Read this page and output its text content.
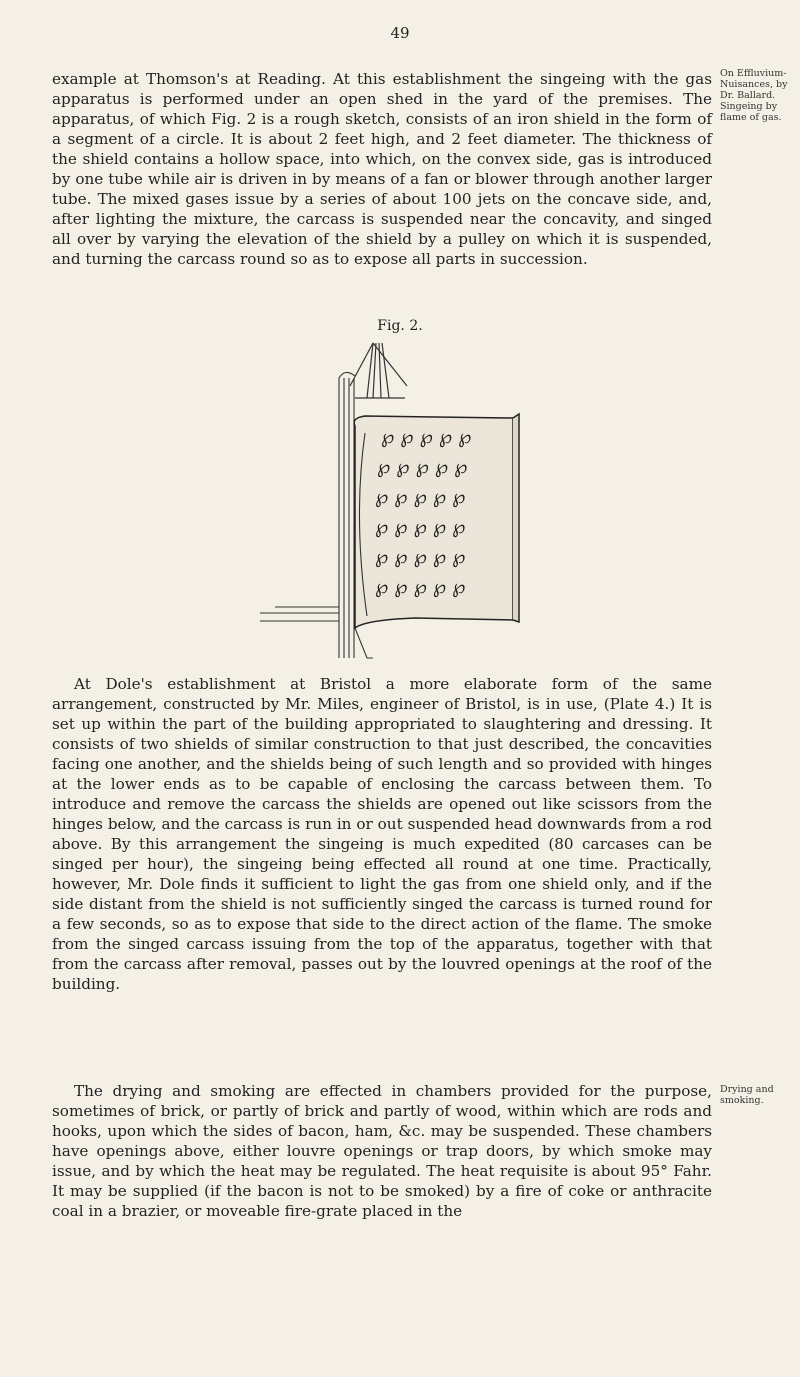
49

example at Thomson's at Reading. At this establishment the singeing with the gas apparatus is performed under an open shed in the yard of the premises. The apparatus, of which Fig. 2 is a rough sketch, consists of an iron shield in the form of a segment of a circle. It is about 2 feet high, and 2 feet diameter. The thickness of the shield contains a hollow space, into which, on the convex side, gas is introduced by one tube while air is driven in by means of a fan or blower through another larger tube. The mixed gases issue by a series of about 100 jets on the concave side, and, after lighting the mixture, the carcass is suspended near the concavity, and singed all over by varying the elevation of the shield by a pulley on which it is suspended, and turning the carcass round so as to expose all parts in succession.

On Effluvium-Nuisances, by Dr. Ballard. Singeing by flame of gas.
Fig. 2.
℘ ℘ ℘ ℘ ℘
℘ ℘ ℘ ℘ ℘
℘ ℘ ℘ ℘ ℘
℘ ℘ ℘ ℘ ℘
℘ ℘ ℘ ℘ ℘
℘ ℘ ℘ ℘ ℘

At Dole's establishment at Bristol a more elaborate form of the same arrangement, constructed by Mr. Miles, engineer of Bristol, is in use, (Plate 4.) It is set up within the part of the building appropriated to slaughtering and dressing. It consists of two shields of similar construction to that just described, the concavities facing one another, and the shields being of such length and so provided with hinges at the lower ends as to be capable of enclosing the carcass between them. To introduce and remove the carcass the shields are opened out like scissors from the hinges below, and the carcass is run in or out suspended head downwards from a rod above. By this arrangement the singeing is much expedited (80 carcases can be singed per hour), the singeing being effected all round at one time. Practically, however, Mr. Dole finds it sufficient to light the gas from one shield only, and if the side distant from the shield is not sufficiently singed the carcass is turned round for a few seconds, so as to expose that side to the direct action of the flame. The smoke from the singed carcass issuing from the top of the apparatus, together with that from the carcass after removal, passes out by the louvred openings at the roof of the building.

The drying and smoking are effected in chambers provided for the purpose, sometimes of brick, or partly of brick and partly of wood, within which are rods and hooks, upon which the sides of bacon, ham, &c. may be suspended. These chambers have openings above, either louvre openings or trap doors, by which smoke may issue, and by which the heat may be regulated. The heat requisite is about 95° Fahr. It may be supplied (if the bacon is not to be smoked) by a fire of coke or anthracite coal in a brazier, or moveable fire-grate placed in the

Drying and smoking.
